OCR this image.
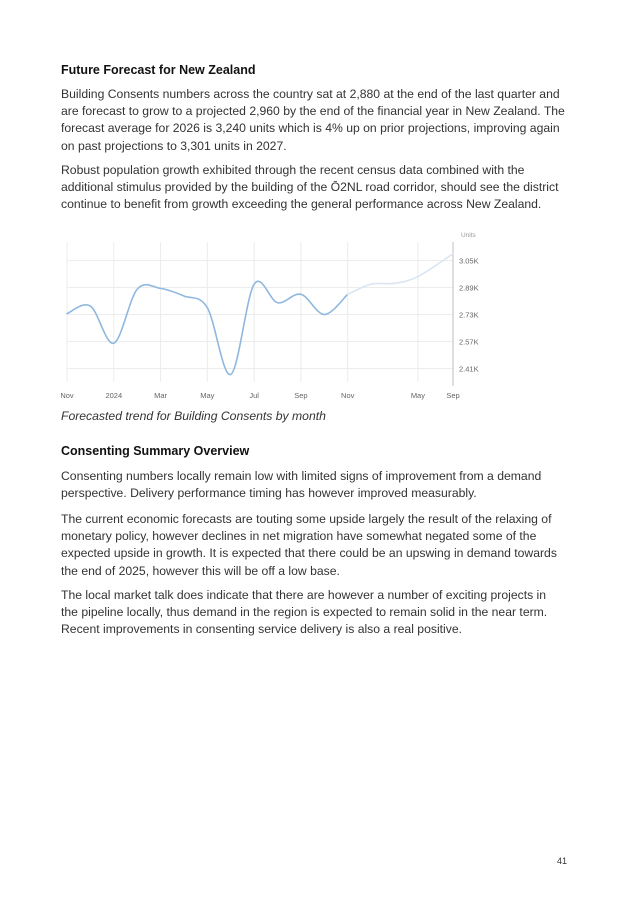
Future Forecast for New Zealand
Building Consents numbers across the country sat at 2,880 at the end of the last quarter and are forecast to grow to a projected 2,960 by the end of the financial year in New Zealand. The forecast average for 2026 is 3,240 units which is 4% up on prior projections, improving again on past projections to 3,301 units in 2027.
Robust population growth exhibited through the recent census data combined with the additional stimulus provided by the building of the Ō2NL road corridor, should see the district continue to benefit from growth exceeding the general performance across New Zealand.
2.41K
2.57K
2.73K
2.89K
3.05K
Units
Nov	2024	Mar	May	Jul	Sep	Nov	May	Sep
Forecasted trend for Building Consents by month
Consenting Summary Overview
Consenting numbers locally remain low with limited signs of improvement from a demand perspective. Delivery performance timing has however improved measurably.
The current economic forecasts are touting some upside largely the result of the relaxing of monetary policy, however declines in net migration have somewhat negated some of the expected upside in growth. It is expected that there could be an upswing in demand towards the end of 2025, however this will be off a low base.
The local market talk does indicate that there are however a number of exciting projects in the pipeline locally, thus demand in the region is expected to remain solid in the near term. Recent improvements in consenting service delivery is also a real positive.
41
